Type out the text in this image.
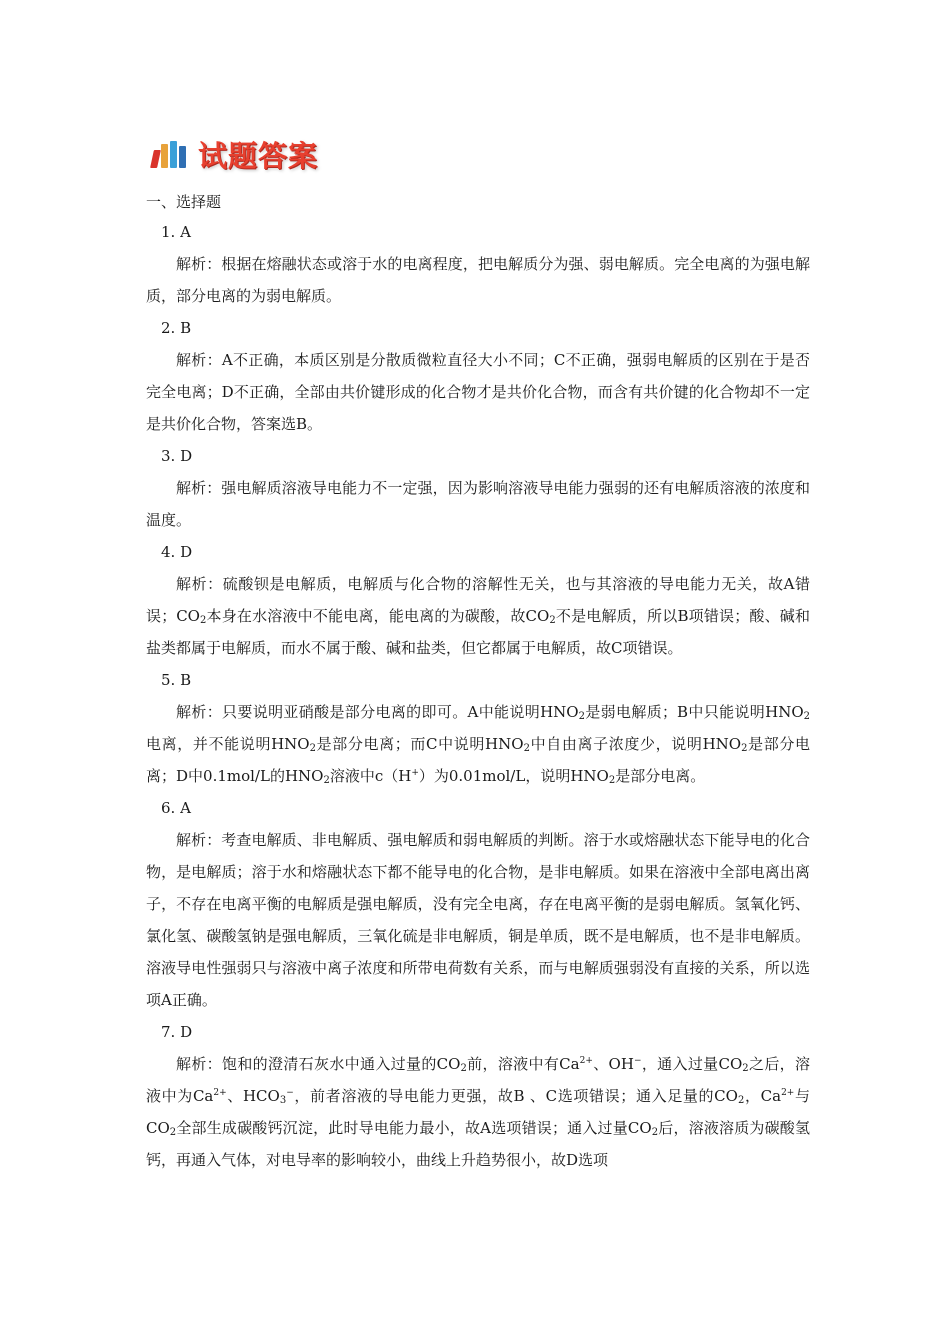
试题答案
一、选择题
1. A
解析：根据在熔融状态或溶于水的电离程度，把电解质分为强、弱电解质。完全电离的为强电解质，部分电离的为弱电解质。
2. B
解析：A不正确，本质区别是分散质微粒直径大小不同；C不正确，强弱电解质的区别在于是否完全电离；D不正确，全部由共价键形成的化合物才是共价化合物，而含有共价键的化合物却不一定是共价化合物，答案选B。
3. D
解析：强电解质溶液导电能力不一定强，因为影响溶液导电能力强弱的还有电解质溶液的浓度和温度。
4. D
解析：硫酸钡是电解质，电解质与化合物的溶解性无关，也与其溶液的导电能力无关，故A错误；$CO_2$本身在水溶液中不能电离，能电离的为碳酸，故$CO_2$不是电解质，所以B项错误；酸、碱和盐类都属于电解质，而水不属于酸、碱和盐类，但它都属于电解质，故C项错误。
5. B
解析：只要说明亚硝酸是部分电离的即可。A中能说明$HNO_2$是弱电解质；B中只能说明$HNO_2$电离，并不能说明$HNO_2$是部分电离；而C中说明$HNO_2$中自由离子浓度少，说明$HNO_2$是部分电离；D中0.1mol/L的$HNO_2$溶液中c（H+）为0.01mol/L，说明$HNO_2$是部分电离。
6. A
解析：考查电解质、非电解质、强电解质和弱电解质的判断。溶于水或熔融状态下能导电的化合物，是电解质；溶于水和熔融状态下都不能导电的化合物，是非电解质。如果在溶液中全部电离出离子，不存在电离平衡的电解质是强电解质，没有完全电离，存在电离平衡的是弱电解质。氢氧化钙、氯化氢、碳酸氢钠是强电解质，三氧化硫是非电解质，铜是单质，既不是电解质，也不是非电解质。溶液导电性强弱只与溶液中离子浓度和所带电荷数有关系，而与电解质强弱没有直接的关系，所以选项A正确。
7. D
解析：饱和的澄清石灰水中通入过量的$CO_2$前，溶液中有$Ca^{2+}$、OH−，通入过量$CO_2$之后，溶液中为$Ca^{2+}$、$HCO_3^-$，前者溶液的导电能力更强，故B 、C选项错误；通入足量的$CO_2$，$Ca^{2+}$与$CO_2$全部生成碳酸钙沉淀，此时导电能力最小，故A选项错误；通入过量$CO_2$后，溶液溶质为碳酸氢钙，再通入气体，对电导率的影响较小，曲线上升趋势很小，故D选项
